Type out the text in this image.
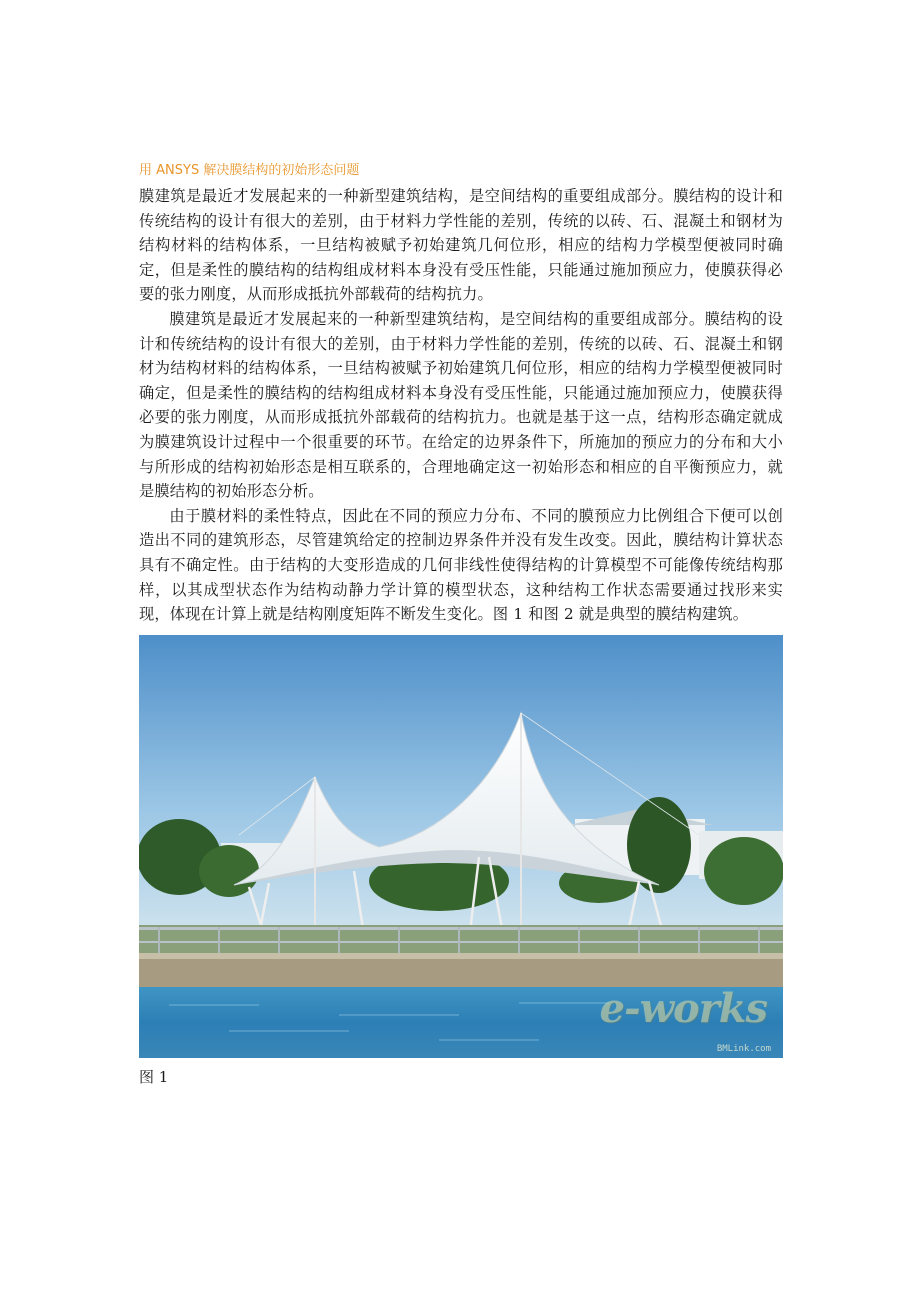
用 ANSYS 解决膜结构的初始形态问题

膜建筑是最近才发展起来的一种新型建筑结构，是空间结构的重要组成部分。膜结构的设计和传统结构的设计有很大的差别，由于材料力学性能的差别，传统的以砖、石、混凝土和钢材为结构材料的结构体系，一旦结构被赋予初始建筑几何位形，相应的结构力学模型便被同时确定，但是柔性的膜结构的结构组成材料本身没有受压性能，只能通过施加预应力，使膜获得必要的张力刚度，从而形成抵抗外部载荷的结构抗力。

膜建筑是最近才发展起来的一种新型建筑结构，是空间结构的重要组成部分。膜结构的设计和传统结构的设计有很大的差别，由于材料力学性能的差别，传统的以砖、石、混凝土和钢材为结构材料的结构体系，一旦结构被赋予初始建筑几何位形，相应的结构力学模型便被同时确定，但是柔性的膜结构的结构组成材料本身没有受压性能，只能通过施加预应力，使膜获得必要的张力刚度，从而形成抵抗外部载荷的结构抗力。也就是基于这一点，结构形态确定就成为膜建筑设计过程中一个很重要的环节。在给定的边界条件下，所施加的预应力的分布和大小与所形成的结构初始形态是相互联系的，合理地确定这一初始形态和相应的自平衡预应力，就是膜结构的初始形态分析。

由于膜材料的柔性特点，因此在不同的预应力分布、不同的膜预应力比例组合下便可以创造出不同的建筑形态，尽管建筑给定的控制边界条件并没有发生改变。因此，膜结构计算状态具有不确定性。由于结构的大变形造成的几何非线性使得结构的计算模型不可能像传统结构那样，以其成型状态作为结构动静力学计算的模型状态，这种结构工作状态需要通过找形来实现，体现在计算上就是结构刚度矩阵不断发生变化。图 1 和图 2 就是典型的膜结构建筑。

e-works
BMLink.com
图 1
